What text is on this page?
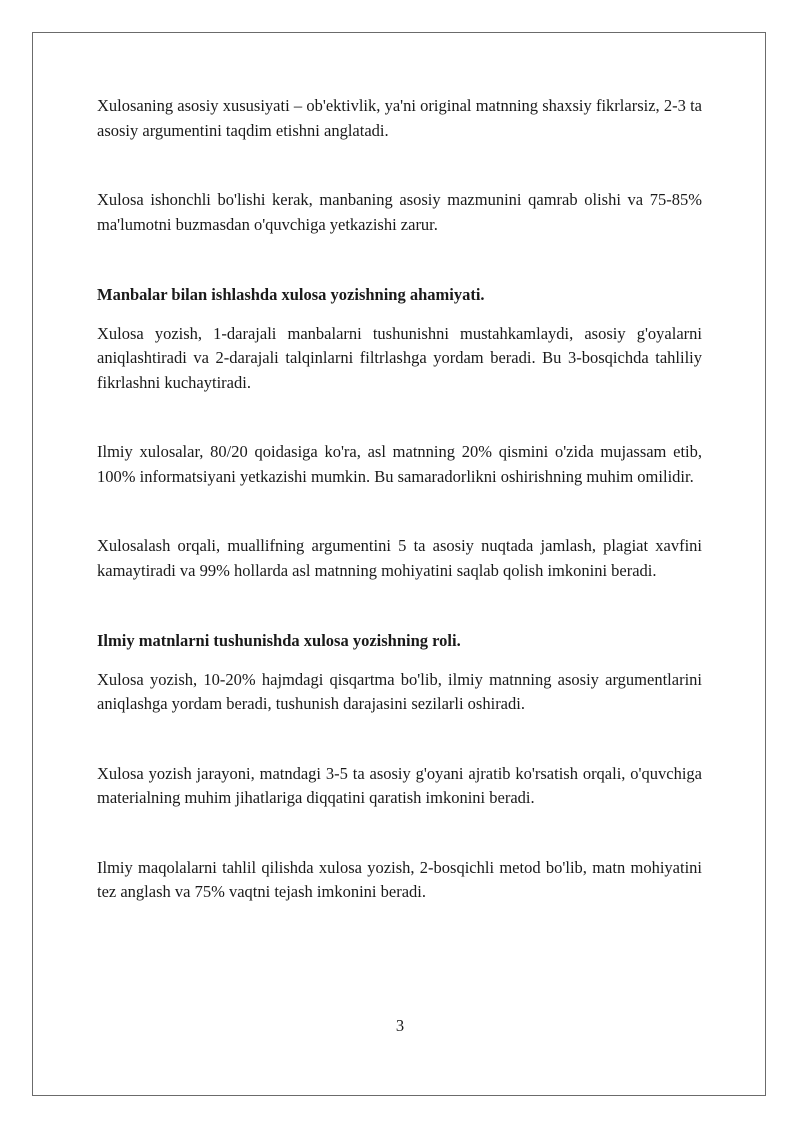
Xulosaning asosiy xususiyati – ob'ektivlik, ya'ni original matnning shaxsiy fikrlarsiz, 2-3 ta asosiy argumentini taqdim etishni anglatadi.

Xulosa ishonchli bo'lishi kerak, manbaning asosiy mazmunini qamrab olishi va 75-85% ma'lumotni buzmasdan o'quvchiga yetkazishi zarur.

Manbalar bilan ishlashda xulosa yozishning ahamiyati.

Xulosa yozish, 1-darajali manbalarni tushunishni mustahkamlaydi, asosiy g'oyalarni aniqlashtiradi va 2-darajali talqinlarni filtrlashga yordam beradi. Bu 3-bosqichda tahliliy fikrlashni kuchaytiradi.

Ilmiy xulosalar, 80/20 qoidasiga ko'ra, asl matnning 20% qismini o'zida mujassam etib, 100% informatsiyani yetkazishi mumkin. Bu samaradorlikni oshirishning muhim omilidir.

Xulosalash orqali, muallifning argumentini 5 ta asosiy nuqtada jamlash, plagiat xavfini kamaytiradi va 99% hollarda asl matnning mohiyatini saqlab qolish imkonini beradi.

Ilmiy matnlarni tushunishda xulosa yozishning roli.

Xulosa yozish, 10-20% hajmdagi qisqartma bo'lib, ilmiy matnning asosiy argumentlarini aniqlashga yordam beradi, tushunish darajasini sezilarli oshiradi.

Xulosa yozish jarayoni, matndagi 3-5 ta asosiy g'oyani ajratib ko'rsatish orqali, o'quvchiga materialning muhim jihatlariga diqqatini qaratish imkonini beradi.

Ilmiy maqolalarni tahlil qilishda xulosa yozish, 2-bosqichli metod bo'lib, matn mohiyatini tez anglash va 75% vaqtni tejash imkonini beradi.

3
